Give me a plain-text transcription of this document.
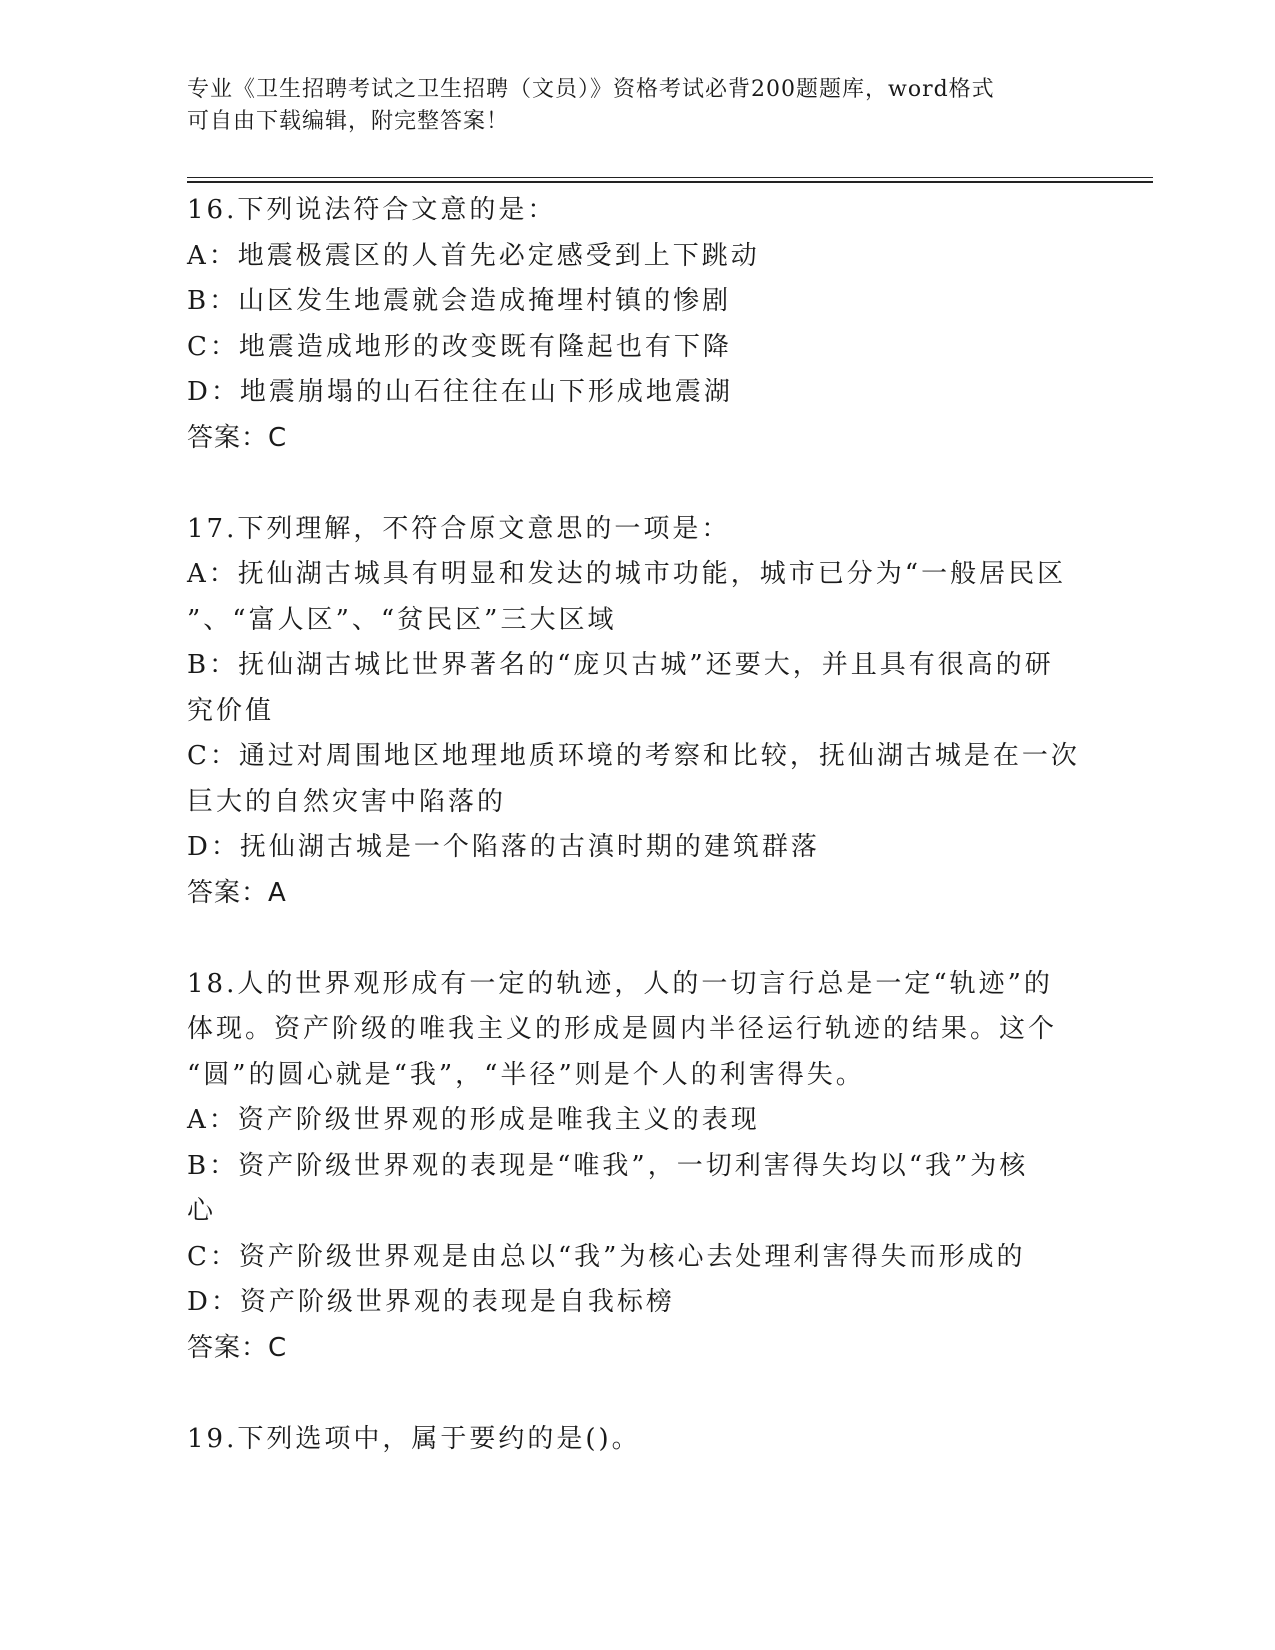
专业《卫生招聘考试之卫生招聘（文员）》资格考试必背200题题库，word格式
可自由下载编辑，附完整答案！
16.下列说法符合文意的是：
A：地震极震区的人首先必定感受到上下跳动
B：山区发生地震就会造成掩埋村镇的惨剧
C：地震造成地形的改变既有隆起也有下降
D：地震崩塌的山石往往在山下形成地震湖
答案：C
17.下列理解，不符合原文意思的一项是：
A：抚仙湖古城具有明显和发达的城市功能，城市已分为“一般居民区
”、“富人区”、“贫民区”三大区域
B：抚仙湖古城比世界著名的“庞贝古城”还要大，并且具有很高的研
究价值
C：通过对周围地区地理地质环境的考察和比较，抚仙湖古城是在一次
巨大的自然灾害中陷落的
D：抚仙湖古城是一个陷落的古滇时期的建筑群落
答案：A
18.人的世界观形成有一定的轨迹，人的一切言行总是一定“轨迹”的
体现。资产阶级的唯我主义的形成是圆内半径运行轨迹的结果。这个
“圆”的圆心就是“我”，“半径”则是个人的利害得失。
A：资产阶级世界观的形成是唯我主义的表现
B：资产阶级世界观的表现是“唯我”，一切利害得失均以“我”为核
心
C：资产阶级世界观是由总以“我”为核心去处理利害得失而形成的
D：资产阶级世界观的表现是自我标榜
答案：C
19.下列选项中，属于要约的是()。
